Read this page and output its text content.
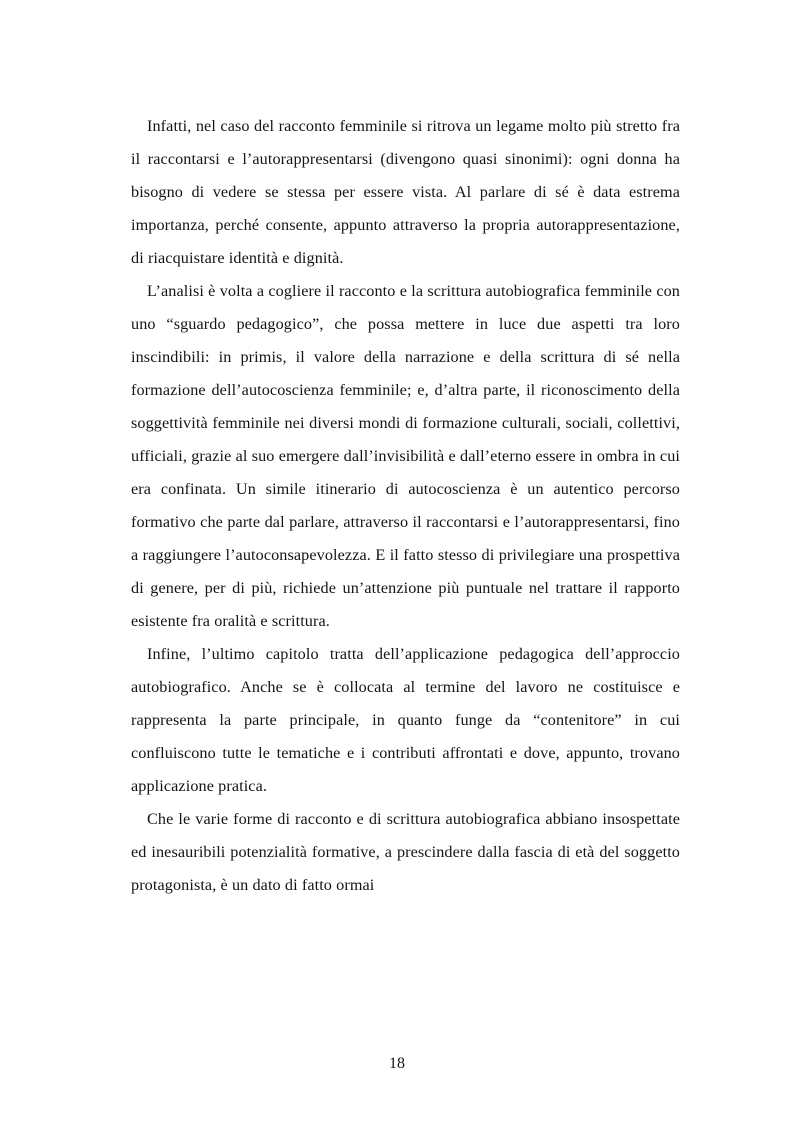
Infatti, nel caso del racconto femminile si ritrova un legame molto più stretto fra il raccontarsi e l’autorappresentarsi (divengono quasi sinonimi): ogni donna ha bisogno di vedere se stessa per essere vista. Al parlare di sé è data estrema importanza, perché consente, appunto attraverso la propria autorappresentazione, di riacquistare identità e dignità.

L’analisi è volta a cogliere il racconto e la scrittura autobiografica femminile con uno “sguardo pedagogico”, che possa mettere in luce due aspetti tra loro inscindibili: in primis, il valore della narrazione e della scrittura di sé nella formazione dell’autocoscienza femminile; e, d’altra parte, il riconoscimento della soggettività femminile nei diversi mondi di formazione culturali, sociali, collettivi, ufficiali, grazie al suo emergere dall’invisibilità e dall’eterno essere in ombra in cui era confinata. Un simile itinerario di autocoscienza è un autentico percorso formativo che parte dal parlare, attraverso il raccontarsi e l’autorappresentarsi, fino a raggiungere l’autoconsapevolezza. E il fatto stesso di privilegiare una prospettiva di genere, per di più, richiede un’attenzione più puntuale nel trattare il rapporto esistente fra oralità e scrittura.

Infine, l’ultimo capitolo tratta dell’applicazione pedagogica dell’approccio autobiografico. Anche se è collocata al termine del lavoro ne costituisce e rappresenta la parte principale, in quanto funge da “contenitore” in cui confluiscono tutte le tematiche e i contributi affrontati e dove, appunto, trovano applicazione pratica.

Che le varie forme di racconto e di scrittura autobiografica abbiano insospettate ed inesauribili potenzialità formative, a prescindere dalla fascia di età del soggetto protagonista, è un dato di fatto ormai

18
